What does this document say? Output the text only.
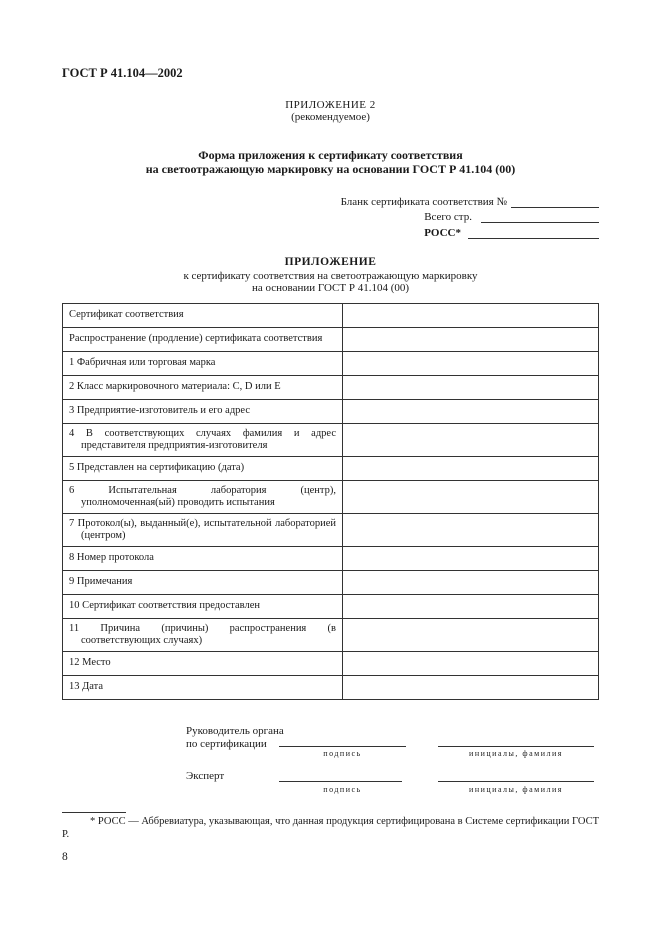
ГОСТ Р 41.104—2002
ПРИЛОЖЕНИЕ 2
(рекомендуемое)
Форма приложения к сертификату соответствия
на светоотражающую маркировку на основании ГОСТ Р 41.104 (00)
Бланк сертификата соответствия №
Всего стр.
РОСС*
ПРИЛОЖЕНИЕ
к сертификату соответствия на светоотражающую маркировку
на основании ГОСТ Р 41.104 (00)
Сертификат соответствия	
Распространение (продление) сертификата соответствия	
1 Фабричная или торговая марка	
2 Класс маркировочного материала: С, D или E	
3 Предприятие-изготовитель и его адрес	

4 В соответствующих случаях фамилия и адрес представителя предприятия-изготовителя	

5 Представлен на сертификацию (дата)	

6 Испытательная лаборатория (центр), уполномоченная(ый) проводить испытания	

7 Протокол(ы), выданный(е), испытательной лабораторией (центром)	

8 Номер протокола	
9 Примечания	
10 Сертификат соответствия предоставлен	

11 Причина (причины) распространения (в соответствующих случаях)	

12 Место	
13 Дата	
Руководитель органа
по сертификации
подпись	инициалы, фамилия
Эксперт
подпись	инициалы, фамилия
* РОСС — Аббревиатура, указывающая, что данная продукция сертифицирована в Системе сертификации ГОСТ Р.
8
